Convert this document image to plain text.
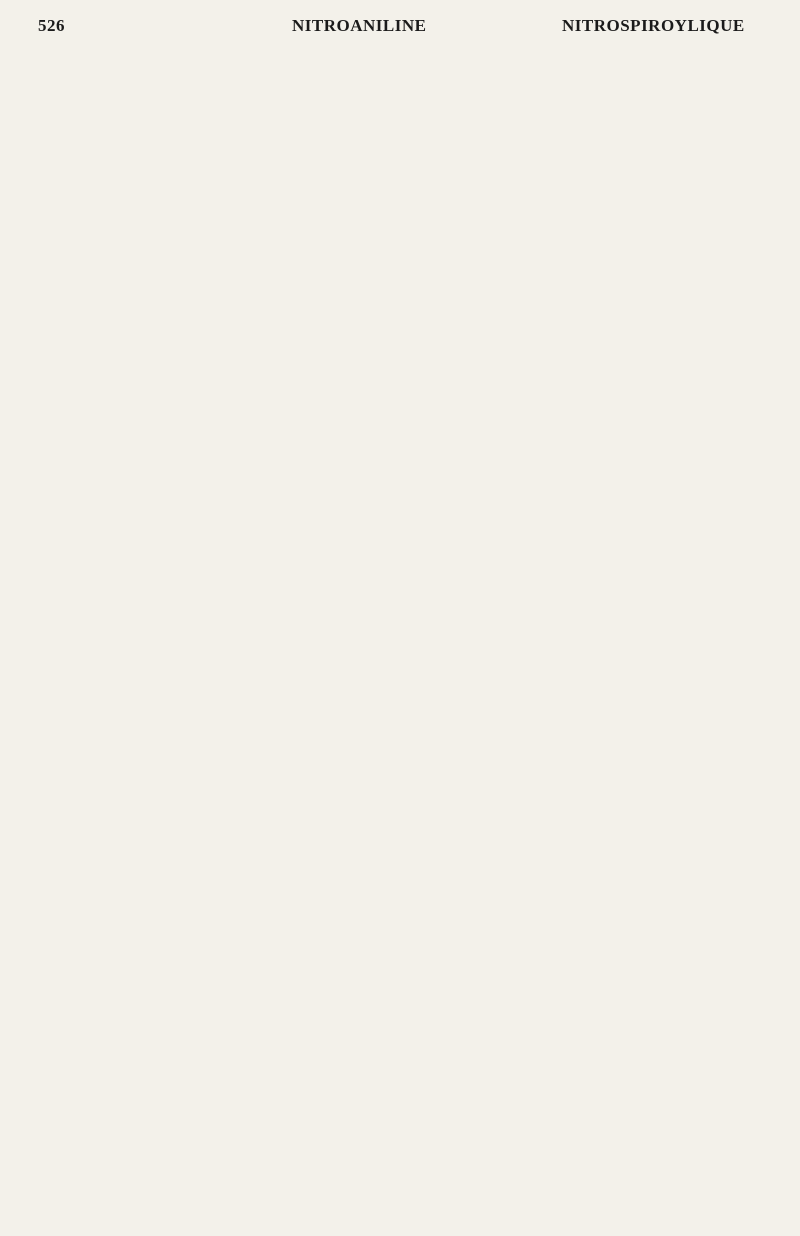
526	NITROANILINE	NITROSPIROYLIQUE
